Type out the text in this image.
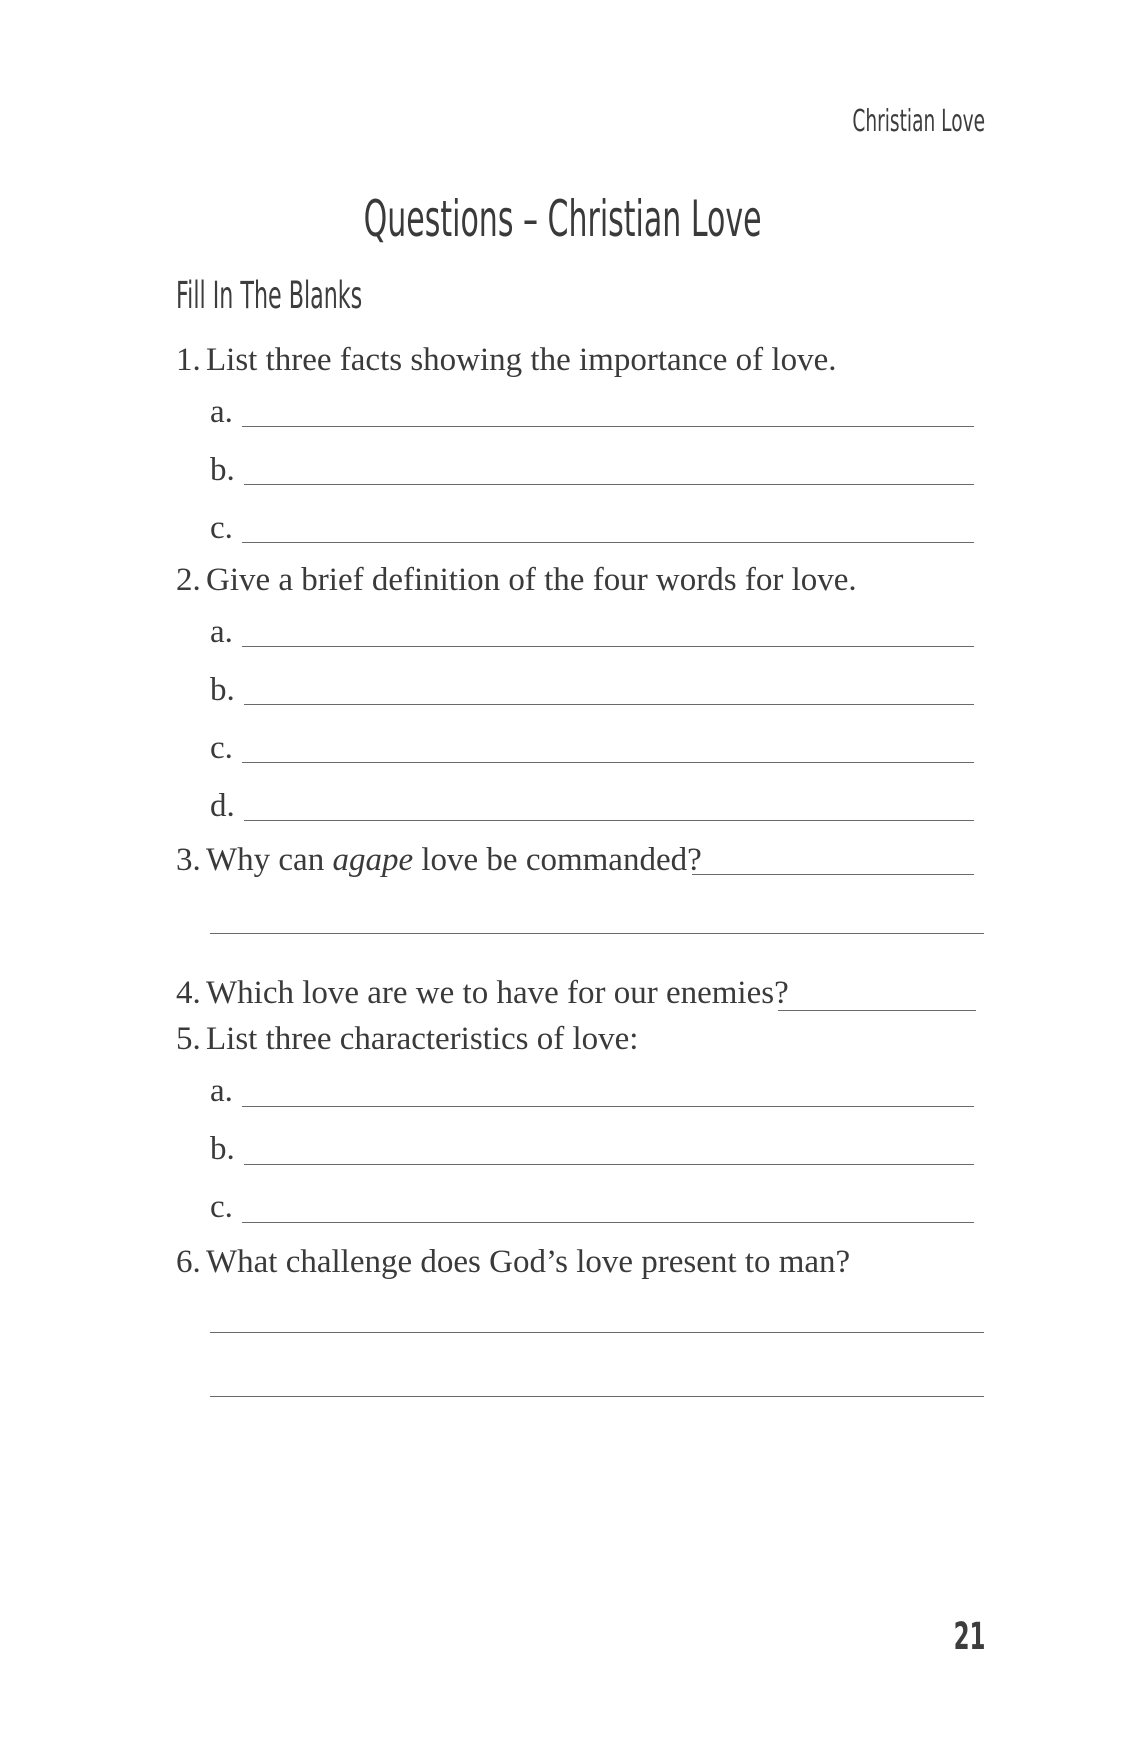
Christian Love
Questions – Christian Love
Fill In The Blanks
1. List three facts showing the importance of love.
a.
b.
c.
2. Give a brief definition of the four words for love.
a.
b.
c.
d.
3. Why can agape love be commanded?
4. Which love are we to have for our enemies?
5. List three characteristics of love:
a.
b.
c.
6. What challenge does God’s love present to man?
21
